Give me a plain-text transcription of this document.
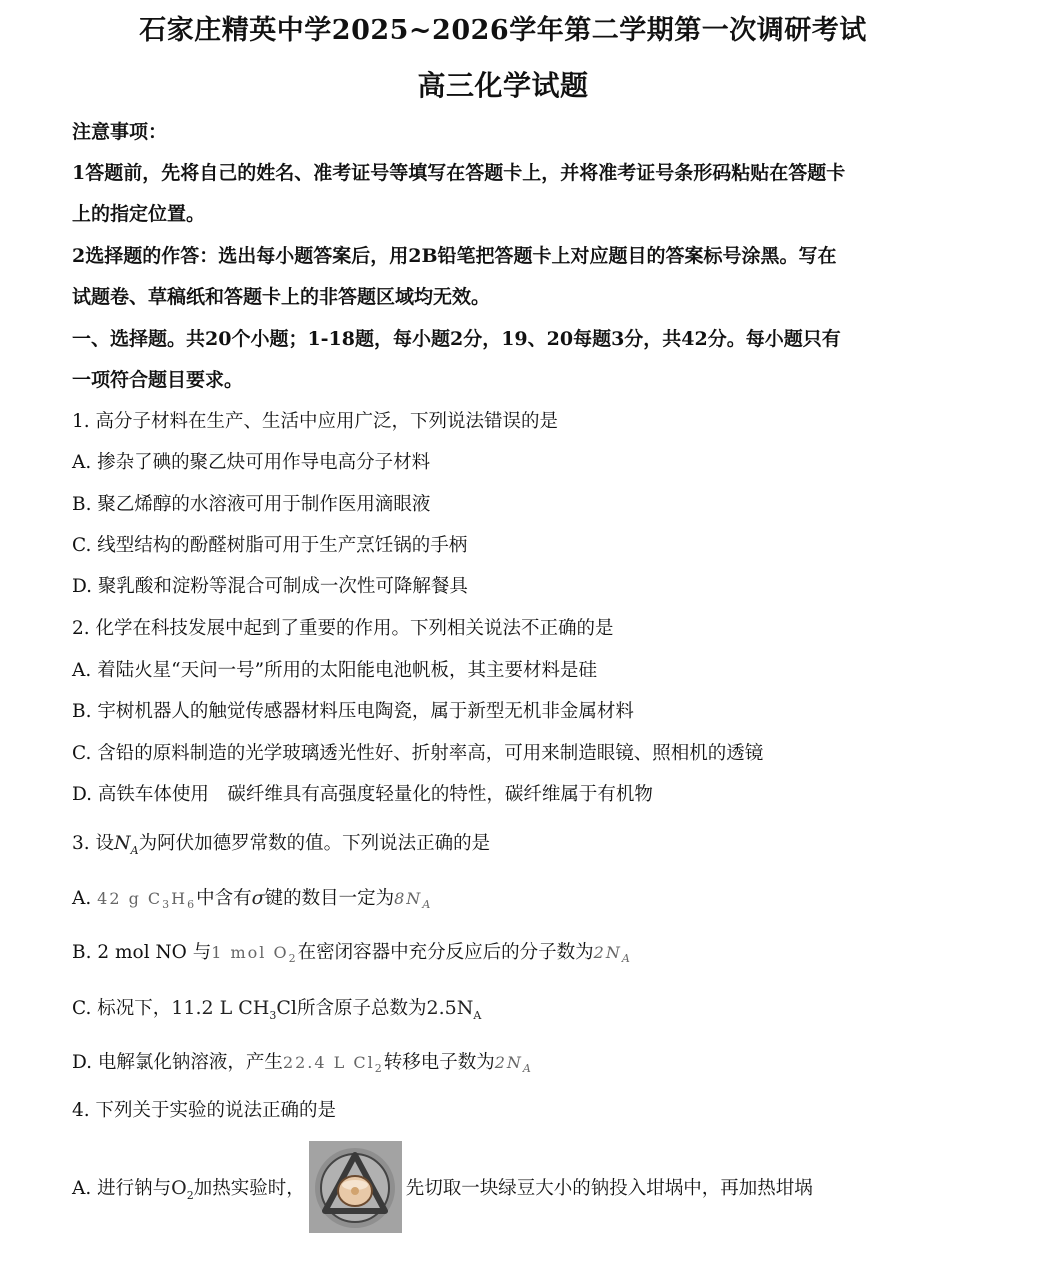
石家庄精英中学2025~2026学年第二学期第一次调研考试
高三化学试题
注意事项：
1答题前，先将自己的姓名、准考证号等填写在答题卡上，并将准考证号条形码粘贴在答题卡
上的指定位置。
2选择题的作答：选出每小题答案后，用2B铅笔把答题卡上对应题目的答案标号涂黑。写在
试题卷、草稿纸和答题卡上的非答题区域均无效。
一、选择题。共20个小题；1-18题，每小题2分，19、20每题3分，共42分。每小题只有
一项符合题目要求。
1. 高分子材料在生产、生活中应用广泛，下列说法错误的是
A. 掺杂了碘的聚乙炔可用作导电高分子材料
B. 聚乙烯醇的水溶液可用于制作医用滴眼液
C. 线型结构的酚醛树脂可用于生产烹饪锅的手柄
D. 聚乳酸和淀粉等混合可制成一次性可降解餐具
2. 化学在科技发展中起到了重要的作用。下列相关说法不正确的是
A. 着陆火星“天问一号”所用的太阳能电池帆板，其主要材料是硅
B. 宇树机器人的触觉传感器材料压电陶瓷，属于新型无机非金属材料
C. 含铅的原料制造的光学玻璃透光性好、折射率高，可用来制造眼镜、照相机的透镜
D. 高铁车体使用　碳纤维具有高强度轻量化的特性，碳纤维属于有机物
3. 设$N_A$为阿伏加德罗常数的值。下列说法正确的是
A. 42 g $C_3H_6$中含有σ键的数目一定为$8N_A$
B. 2 mol NO 与1 mol $O_2$在密闭容器中充分反应后的分子数为$2N_A$
C. 标况下，11.2 L $CH_3Cl$所含原子总数为$2.5N_A$
D. 电解氯化钠溶液，产生22.4 L $Cl_2$转移电子数为$2N_A$
4. 下列关于实验的说法正确的是
A. 进行钠与$O_2$加热实验时，	先切取一块绿豆大小的钠投入坩埚中，再加热坩埚
